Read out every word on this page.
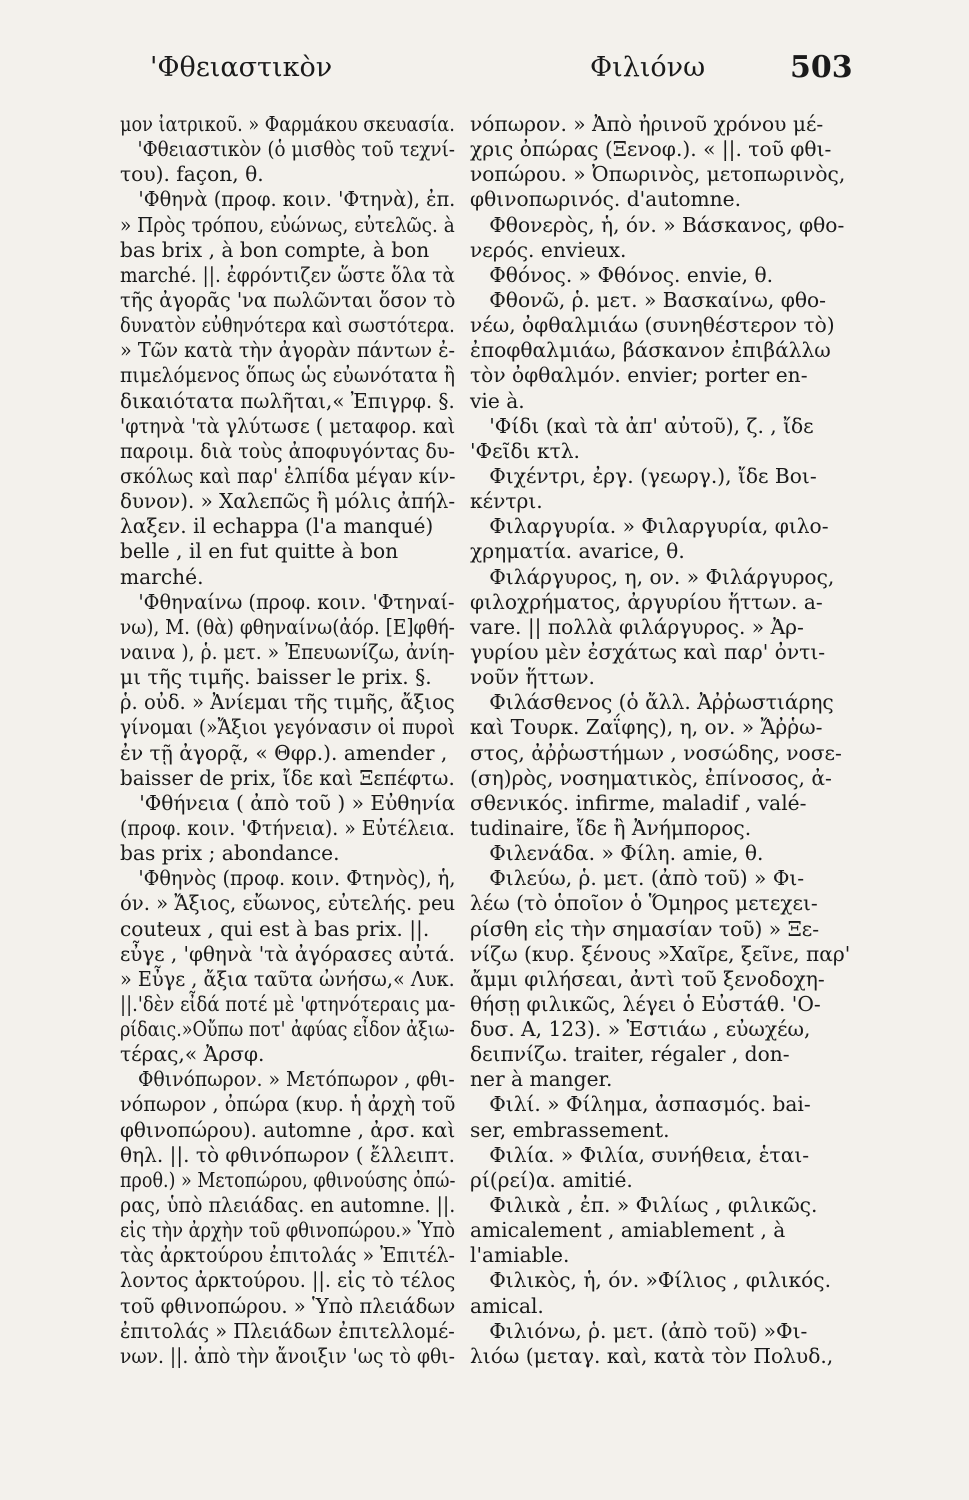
'Φθειαστικὸν	Φιλιόνω	503
μον ἰατρικοῦ. » Φαρμάκου σκευασία.
'Φθειαστικὸν (ὁ μισθὸς τοῦ τεχνί-
του). façon, θ.
'Φθηνὰ (προφ. κοιν. 'Φτηνὰ), ἐπ.
» Πρὸς τρόπου, εὐώνως, εὐτελῶς. à
bas brix , à bon compte, à bon
marché. ||. ἐφρόντιζεν ὥστε ὅλα τὰ
τῆς ἀγορᾶς 'να πωλῶνται ὅσον τὸ
δυνατὸν εὐθηνότερα καὶ σωστότερα.
» Τῶν κατὰ τὴν ἀγορὰν πάντων ἐ-
πιμελόμενος ὅπως ὡς εὐωνότατα ἢ
δικαιότατα πωλῆται,« Ἐπιγρφ. §.
'φτηνὰ 'τὰ γλύτωσε ( μεταφορ. καὶ
παροιμ. διὰ τοὺς ἀποφυγόντας δυ-
σκόλως καὶ παρ' ἐλπίδα μέγαν κίν-
δυνον). » Χαλεπῶς ἢ μόλις ἀπήλ-
λαξεν. il echappa (l'a manqué)
belle , il en fut quitte à bon
marché.
'Φθηναίνω (προφ. κοιν. 'Φτηναί-
νω), Μ. (θὰ) φθηναίνω(ἀόρ. [Ε]φθή-
ναινα ), ῥ. μετ. » Ἐπευωνίζω, ἀνίη-
μι τῆς τιμῆς. baisser le prix. §.
ῥ. οὐδ. » Ἀνίεμαι τῆς τιμῆς, ἄξιος
γίνομαι (»Ἄξιοι γεγόνασιν οἱ πυροὶ
ἐν τῇ ἀγορᾷ, « Θφρ.). amender ,
baisser de prix, ἴδε καὶ Ξεπέφτω.
'Φθήνεια ( ἀπὸ τοῦ ) » Εὐθηνία
(προφ. κοιν. 'Φτήνεια). » Εὐτέλεια.
bas prix ; abondance.
'Φθηνὸς (προφ. κοιν. Φτηνὸς), ἡ,
όν. » Ἄξιος, εὔωνος, εὐτελής. peu
couteux , qui est à bas prix. ||.
εὖγε , 'φθηνὰ 'τὰ ἀγόρασες αὐτά.
» Εὖγε , ἄξια ταῦτα ὠνήσω,« Λυκ.
||.'δὲν εἶδά ποτέ μὲ 'φτηνότεραις μα-
ρίδαις.»Οὔπω ποτ' ἀφύας εἶδον ἀξιω-
τέρας,« Ἀρσφ.
Φθινόπωρον. » Μετόπωρον , φθι-
νόπωρον , ὀπώρα (κυρ. ἡ ἀρχὴ τοῦ
φθινοπώρου). automne , ἀρσ. καὶ
θηλ. ||. τὸ φθινόπωρον ( ἔλλειπτ.
προθ.) » Μετοπώρου, φθινούσης ὀπώ-
ρας, ὑπὸ πλειάδας. en automne. ||.
εἰς τὴν ἀρχὴν τοῦ φθινοπώρου.» Ὑπὸ
τὰς ἀρκτούρου ἐπιτολάς » Ἐπιτέλ-
λοντος ἀρκτούρου. ||. εἰς τὸ τέλος
τοῦ φθινοπώρου. » Ὑπὸ πλειάδων
ἐπιτολάς » Πλειάδων ἐπιτελλομέ-
νων. ||. ἀπὸ τὴν ἄνοιξιν 'ως τὸ φθι-
νόπωρον. » Ἀπὸ ἠρινοῦ χρόνου μέ-
χρις ὀπώρας (Ξενοφ.). « ||. τοῦ φθι-
νοπώρου. » Ὀπωρινὸς, μετοπωρινὸς,
φθινοπωρινός. d'automne.
Φθονερὸς, ἡ, όν. » Βάσκανος, φθο-
νερός. envieux.
Φθόνος. » Φθόνος. envie, θ.
Φθονῶ, ῥ. μετ. » Βασκαίνω, φθο-
νέω, ὀφθαλμιάω (συνηθέστερον τὸ)
ἐποφθαλμιάω, βάσκανον ἐπιβάλλω
τὸν ὀφθαλμόν. envier; porter en-
vie à.
'Φίδι (καὶ τὰ ἀπ' αὐτοῦ), ζ. , ἴδε
'Φεῖδι κτλ.
Φιχέντρι, ἐργ. (γεωργ.), ἴδε Βοι-
κέντρι.
Φιλαργυρία. » Φιλαργυρία, φιλο-
χρηματία. avarice, θ.
Φιλάργυρος, η, ον. » Φιλάργυρος,
φιλοχρήματος, ἀργυρίου ἥττων. a-
vare. || πολλὰ φιλάργυρος. » Ἀρ-
γυρίου μὲν ἐσχάτως καὶ παρ' ὀντι-
νοῦν ἥττων.
Φιλάσθενος (ὁ ἄλλ. Ἀῤῥωστιάρης
καὶ Τουρκ. Ζαΐφης), η, ον. » Ἄῤῥω-
στος, ἀῤῥωστήμων , νοσώδης, νοσε-
(ση)ρὸς, νοσηματικὸς, ἐπίνοσος, ἀ-
σθενικός. infirme, maladif , valé-
tudinaire, ἴδε ἢ Ἀνήμπορος.
Φιλενάδα. » Φίλη. amie, θ.
Φιλεύω, ῥ. μετ. (ἀπὸ τοῦ) » Φι-
λέω (τὸ ὁποῖον ὁ Ὅμηρος μετεχει-
ρίσθη εἰς τὴν σημασίαν τοῦ) » Ξε-
νίζω (κυρ. ξένους »Χαῖρε, ξεῖνε, παρ'
ἄμμι φιλήσεαι, ἀντὶ τοῦ ξενοδοχη-
θήσῃ φιλικῶς, λέγει ὁ Εὐστάθ. 'Ο-
δυσ. Α, 123). » Ἑστιάω , εὐωχέω,
δειπνίζω. traiter, régaler , don-
ner à manger.
Φιλί. » Φίλημα, ἀσπασμός. bai-
ser, embrassement.
Φιλία. » Φιλία, συνήθεια, ἑται-
ρί(ρεί)α. amitié.
Φιλικὰ , ἐπ. » Φιλίως , φιλικῶς.
amicalement , amiablement , à
l'amiable.
Φιλικὸς, ἡ, όν. »Φίλιος , φιλικός.
amical.
Φιλιόνω, ῥ. μετ. (ἀπὸ τοῦ) »Φι-
λιόω (μεταγ. καὶ, κατὰ τὸν Πολυδ.,
